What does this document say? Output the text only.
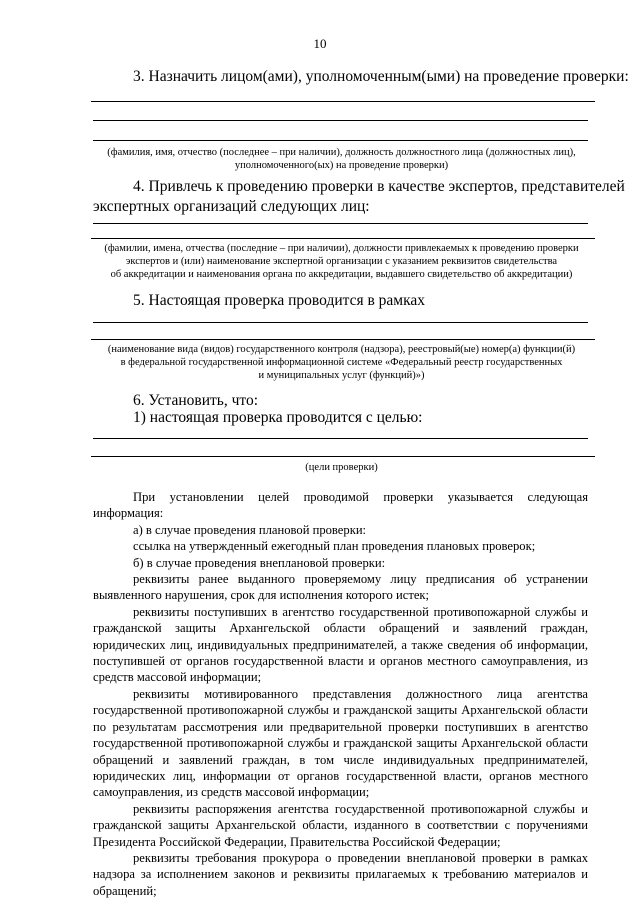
10
3. Назначить лицом(ами), уполномоченным(ыми) на проведение проверки:
(фамилия, имя, отчество (последнее – при наличии), должность должностного лица (должностных лиц),
уполномоченного(ых) на проведение проверки)
4. Привлечь к проведению проверки в качестве экспертов, представителей
экспертных организаций следующих лиц:
(фамилии, имена, отчества (последние – при наличии), должности привлекаемых к проведению проверки
экспертов и (или) наименование экспертной организации с указанием реквизитов свидетельства
об аккредитации и наименования органа по аккредитации, выдавшего свидетельство об аккредитации)
5. Настоящая проверка проводится в рамках
(наименование вида (видов) государственного контроля (надзора), реестровый(ые) номер(а) функции(й)
в федеральной государственной информационной системе «Федеральный реестр государственных
и муниципальных услуг (функций)»)
6. Установить, что:
1) настоящая проверка проводится с целью:
(цели проверки)

При установлении целей проводимой проверки указывается следующая информация:

а) в случае проведения плановой проверки:

ссылка на утвержденный ежегодный план проведения плановых проверок;

б) в случае проведения внеплановой проверки:

реквизиты ранее выданного проверяемому лицу предписания об устранении выявленного нарушения, срок для исполнения которого истек;

реквизиты поступивших в агентство государственной противопожарной службы и гражданской защиты Архангельской области обращений и заявлений граждан, юридических лиц, индивидуальных предпринимателей, а также сведения об информации, поступившей от органов государственной власти и органов местного самоуправления, из средств массовой информации;

реквизиты мотивированного представления должностного лица агентства государственной противопожарной службы и гражданской защиты Архангельской области по результатам рассмотрения или предварительной проверки поступивших в агентство государственной противопожарной службы и гражданской защиты Архангельской области обращений и заявлений граждан, в том числе индивидуальных предпринимателей, юридических лиц, информации от органов государственной власти, органов местного самоуправления, из средств массовой информации;

реквизиты распоряжения агентства государственной противопожарной службы и гражданской защиты Архангельской области, изданного в соответствии с поручениями Президента Российской Федерации, Правительства Российской Федерации;

реквизиты требования прокурора о проведении внеплановой проверки в рамках надзора за исполнением законов и реквизиты прилагаемых к требованию материалов и обращений;
